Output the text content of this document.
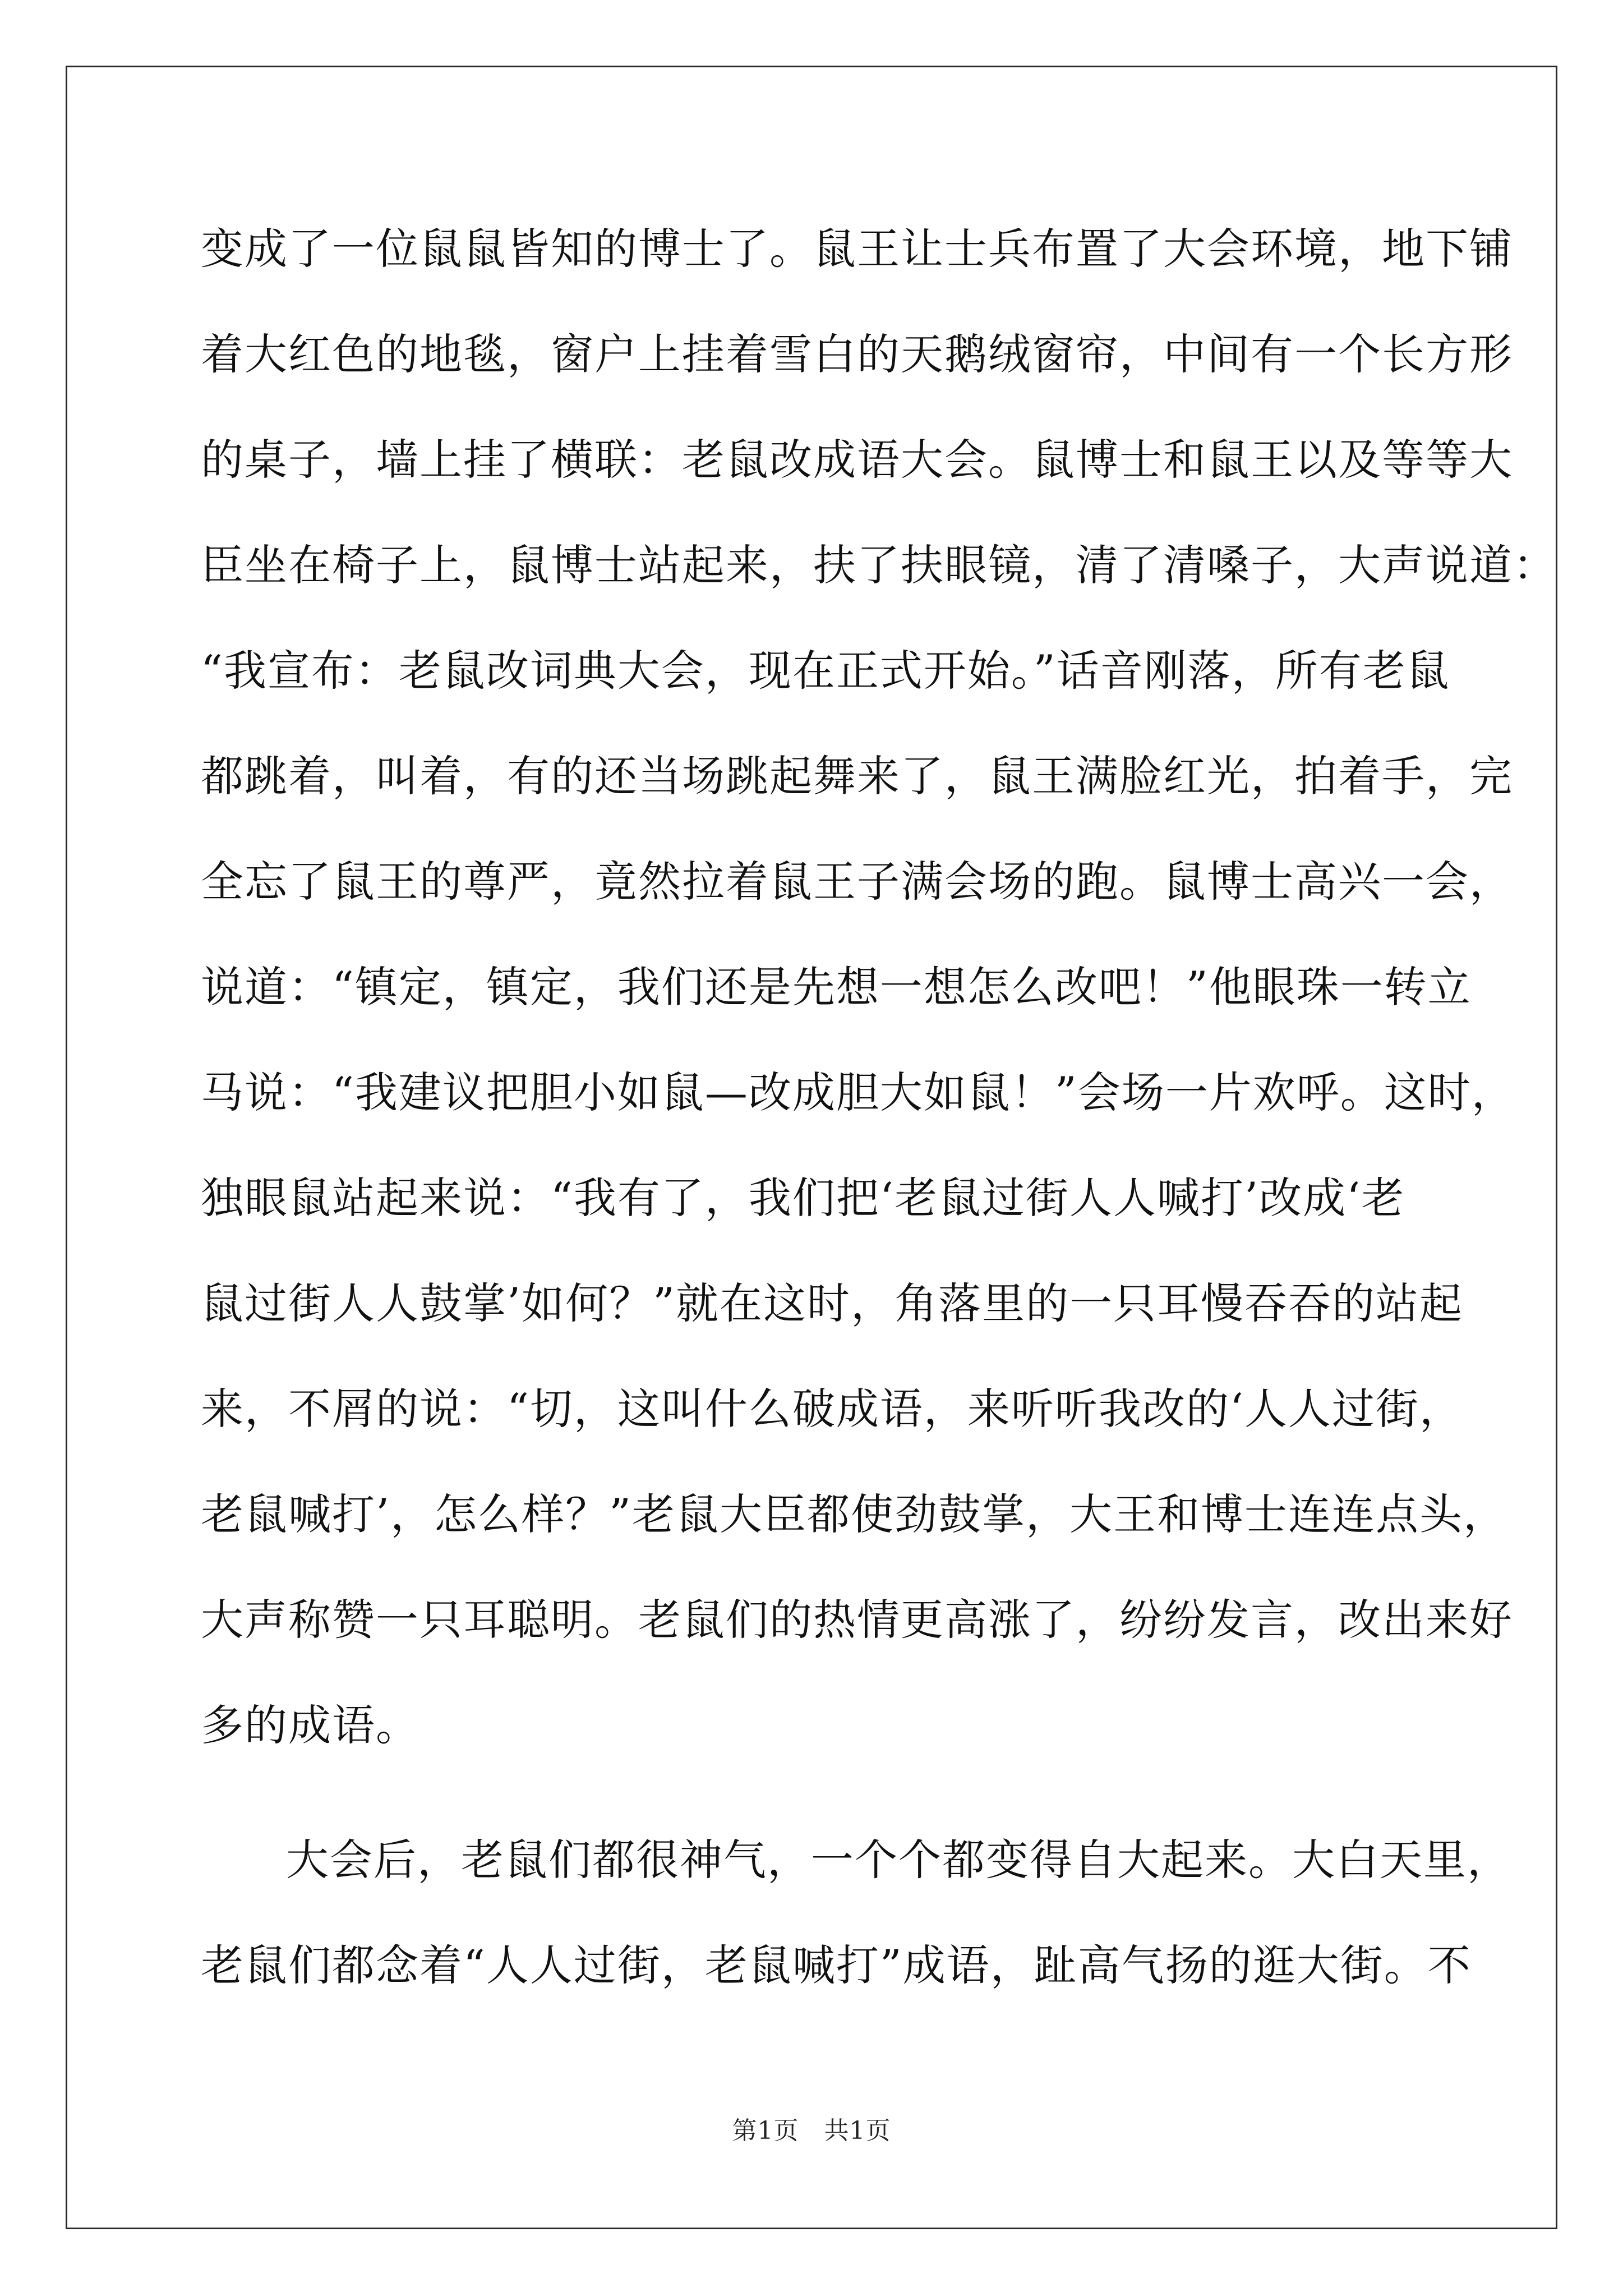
变成了一位鼠鼠皆知的博士了。鼠王让士兵布置了大会环境，地下铺
着大红色的地毯，窗户上挂着雪白的天鹅绒窗帘，中间有一个长方形
的桌子，墙上挂了横联：老鼠改成语大会。鼠博士和鼠王以及等等大
臣坐在椅子上，鼠博士站起来，扶了扶眼镜，清了清嗓子，大声说道：
“我宣布：老鼠改词典大会，现在正式开始。”话音刚落，所有老鼠
都跳着，叫着，有的还当场跳起舞来了，鼠王满脸红光，拍着手，完
全忘了鼠王的尊严，竟然拉着鼠王子满会场的跑。鼠博士高兴一会，
说道：“镇定，镇定，我们还是先想一想怎么改吧！”他眼珠一转立
马说：“我建议把胆小如鼠—改成胆大如鼠！”会场一片欢呼。这时，
独眼鼠站起来说：“我有了，我们把‘老鼠过街人人喊打’改成‘老
鼠过街人人鼓掌’如何？”就在这时，角落里的一只耳慢吞吞的站起
来，不屑的说：“切，这叫什么破成语，来听听我改的‘人人过街，
老鼠喊打’，怎么样？”老鼠大臣都使劲鼓掌，大王和博士连连点头，
大声称赞一只耳聪明。老鼠们的热情更高涨了，纷纷发言，改出来好
多的成语。
大会后，老鼠们都很神气，一个个都变得自大起来。大白天里，
老鼠们都念着“人人过街，老鼠喊打”成语，趾高气扬的逛大街。不
第1页　共1页
